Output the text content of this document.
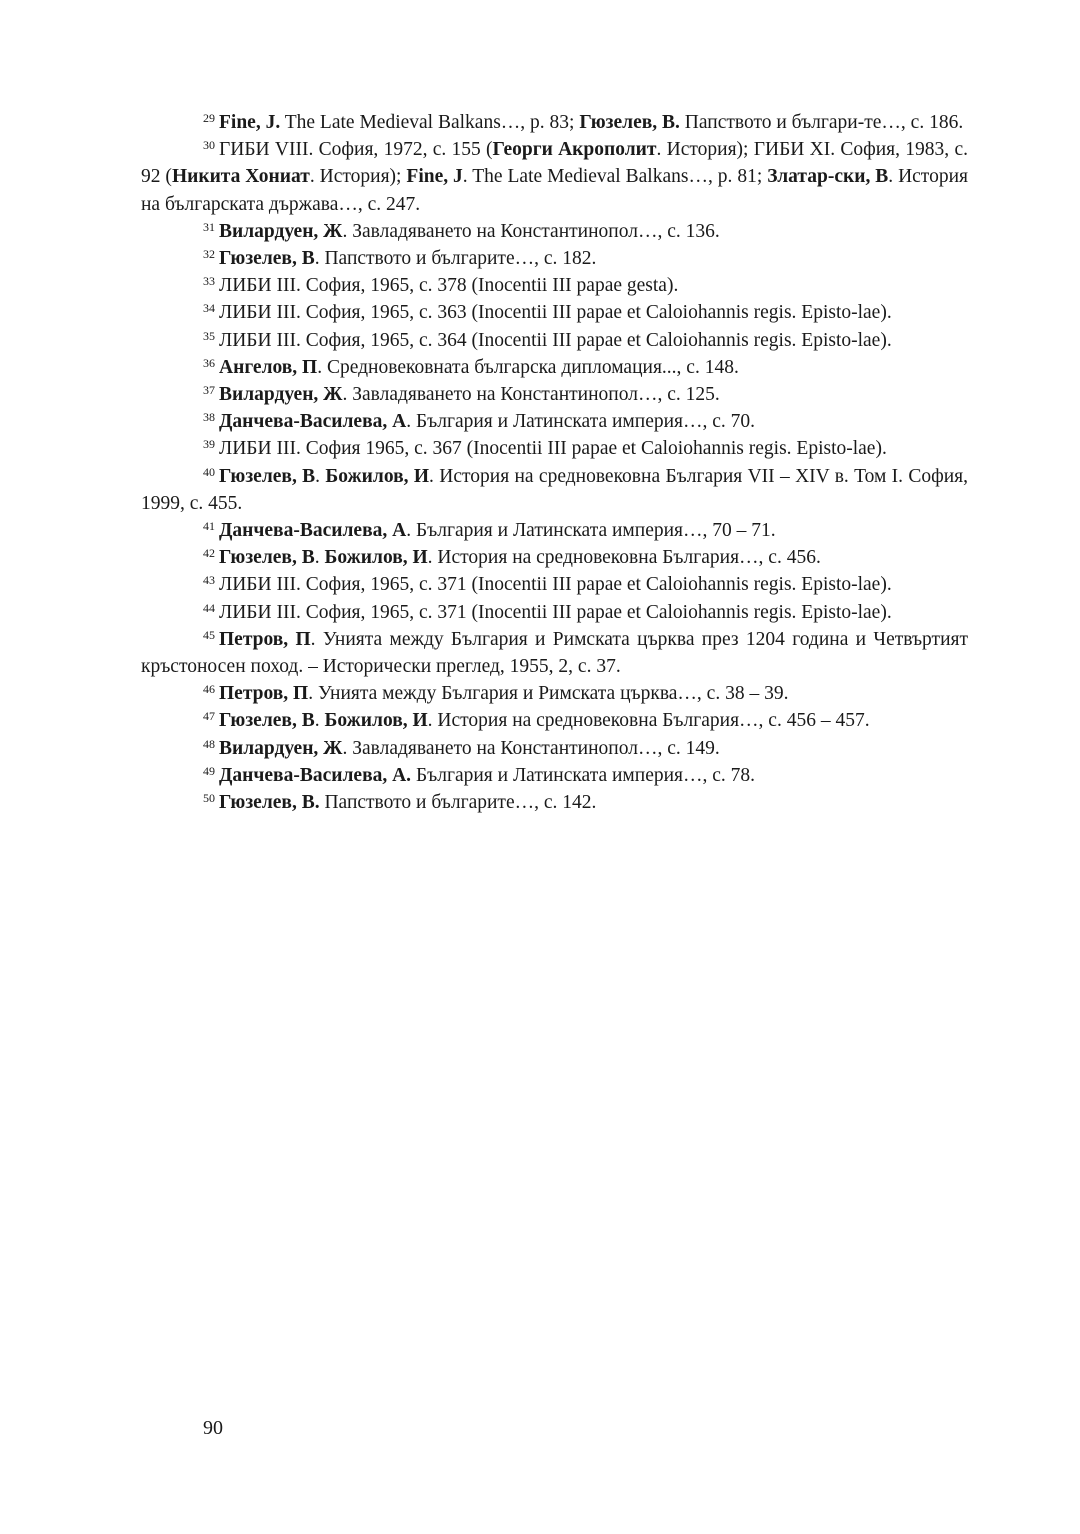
$^{29}$ Fine, J. The Late Medieval Balkans…, p. 83; Гюзелев, В. Папството и българи-те…, с. 186.

$^{30}$ ГИБИ VIII. София, 1972, с. 155 (Георги Акрополит. История); ГИБИ XI. София, 1983, с. 92 (Никита Хониат. История); Fine, J. The Late Medieval Balkans…, p. 81; Златар-ски, В. История на българската държава…, с. 247.

$^{31}$ Вилардуен, Ж. Завладяването на Константинопол…, с. 136.

$^{32}$ Гюзелев, В. Папството и българите…, с. 182.

$^{33}$ ЛИБИ III. София, 1965, с. 378 (Inocentii III papae gesta).

$^{34}$ ЛИБИ III. София, 1965, с. 363 (Inocentii III papae et Caloiohannis regis. Episto-lae).

$^{35}$ ЛИБИ III. София, 1965, с. 364 (Inocentii III papae et Caloiohannis regis. Episto-lae).

$^{36}$ Ангелов, П. Средновековната българска дипломация..., с. 148.

$^{37}$ Вилардуен, Ж. Завладяването на Константинопол…, с. 125.

$^{38}$ Данчева-Василева, А. България и Латинската империя…, с. 70.

$^{39}$ ЛИБИ III. София 1965, с. 367 (Inocentii III papae et Caloiohannis regis. Episto-lae).

$^{40}$ Гюзелев, В. Божилов, И. История на средновековна България VII – XIV в. Том I. София, 1999, с. 455.

$^{41}$ Данчева-Василева, А. България и Латинската империя…, 70 – 71.

$^{42}$ Гюзелев, В. Божилов, И. История на средновековна България…, с. 456.

$^{43}$ ЛИБИ III. София, 1965, с. 371 (Inocentii III papae et Caloiohannis regis. Episto-lae).

$^{44}$ ЛИБИ III. София, 1965, с. 371 (Inocentii III papae et Caloiohannis regis. Episto-lae).

$^{45}$ Петров, П. Унията между България и Римската църква през 1204 година и Четвъртият кръстоносен поход. – Исторически преглед, 1955, 2, с. 37.

$^{46}$ Петров, П. Унията между България и Римската църква…, с. 38 – 39.

$^{47}$ Гюзелев, В. Божилов, И. История на средновековна България…, с. 456 – 457.

$^{48}$ Вилардуен, Ж. Завладяването на Константинопол…, с. 149.

$^{49}$ Данчева-Василева, А. България и Латинската империя…, с. 78.

$^{50}$ Гюзелев, В. Папството и българите…, с. 142.

90
